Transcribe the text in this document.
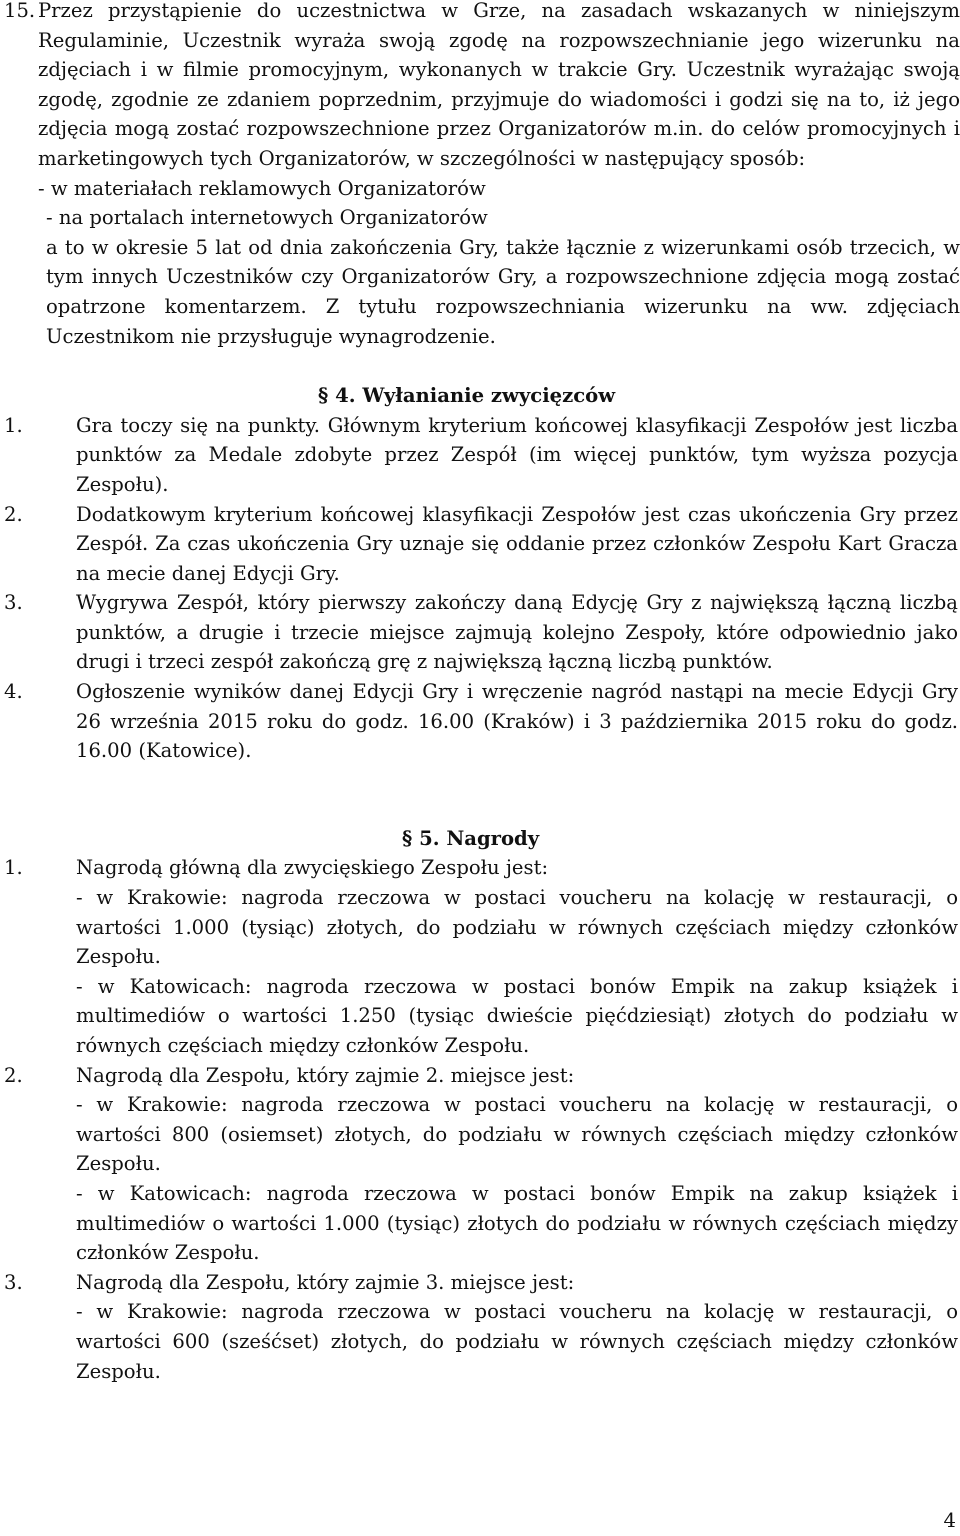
15. Przez przystąpienie do uczestnictwa w Grze, na zasadach wskazanych w niniejszym Regulaminie, Uczestnik wyraża swoją zgodę na rozpowszechnianie jego wizerunku na zdjęciach i w filmie promocyjnym, wykonanych w trakcie Gry. Uczestnik wyrażając swoją zgodę, zgodnie ze zdaniem poprzednim, przyjmuje do wiadomości i godzi się na to, iż jego zdjęcia mogą zostać rozpowszechnione przez Organizatorów m.in. do celów promocyjnych i marketingowych tych Organizatorów, w szczególności w następujący sposób:
- w materiałach reklamowych Organizatorów
- na portalach internetowych Organizatorów
a to w okresie 5 lat od dnia zakończenia Gry, także łącznie z wizerunkami osób trzecich, w tym innych Uczestników czy Organizatorów Gry, a rozpowszechnione zdjęcia mogą zostać opatrzone komentarzem. Z tytułu rozpowszechniania wizerunku na ww. zdjęciach Uczestnikom nie przysługuje wynagrodzenie.
§ 4. Wyłanianie zwycięzców
1.	Gra toczy się na punkty. Głównym kryterium końcowej klasyfikacji Zespołów jest liczba punktów za Medale zdobyte przez Zespół (im więcej punktów, tym wyższa pozycja Zespołu).
2.	Dodatkowym kryterium końcowej klasyfikacji Zespołów jest czas ukończenia Gry przez Zespół. Za czas ukończenia Gry uznaje się oddanie przez członków Zespołu Kart Gracza na mecie danej Edycji Gry.
3.	Wygrywa Zespół, który pierwszy zakończy daną Edycję Gry z największą łączną liczbą punktów, a drugie i trzecie miejsce zajmują kolejno Zespoły, które odpowiednio jako drugi i trzeci zespół zakończą grę z największą łączną liczbą punktów.
4.	Ogłoszenie wyników danej Edycji Gry i wręczenie nagród nastąpi na mecie Edycji Gry 26 września 2015 roku do godz. 16.00 (Kraków) i 3 października 2015 roku do godz. 16.00 (Katowice).
§ 5. Nagrody
1.	Nagrodą główną dla zwycięskiego Zespołu jest:
- w Krakowie: nagroda rzeczowa w postaci voucheru na kolację w restauracji, o wartości 1.000 (tysiąc) złotych, do podziału w równych częściach między członków Zespołu.
- w Katowicach: nagroda rzeczowa w postaci bonów Empik na zakup książek i multimediów o wartości 1.250 (tysiąc dwieście pięćdziesiąt) złotych do podziału w równych częściach między członków Zespołu.
2.	Nagrodą dla Zespołu, który zajmie 2. miejsce jest:
- w Krakowie: nagroda rzeczowa w postaci voucheru na kolację w restauracji, o wartości 800 (osiemset) złotych, do podziału w równych częściach między członków Zespołu.
- w Katowicach: nagroda rzeczowa w postaci bonów Empik na zakup książek i multimediów o wartości 1.000 (tysiąc) złotych do podziału w równych częściach między członków Zespołu.
3.	Nagrodą dla Zespołu, który zajmie 3. miejsce jest:
- w Krakowie: nagroda rzeczowa w postaci voucheru na kolację w restauracji, o wartości 600 (sześćset) złotych, do podziału w równych częściach między członków Zespołu.
4
